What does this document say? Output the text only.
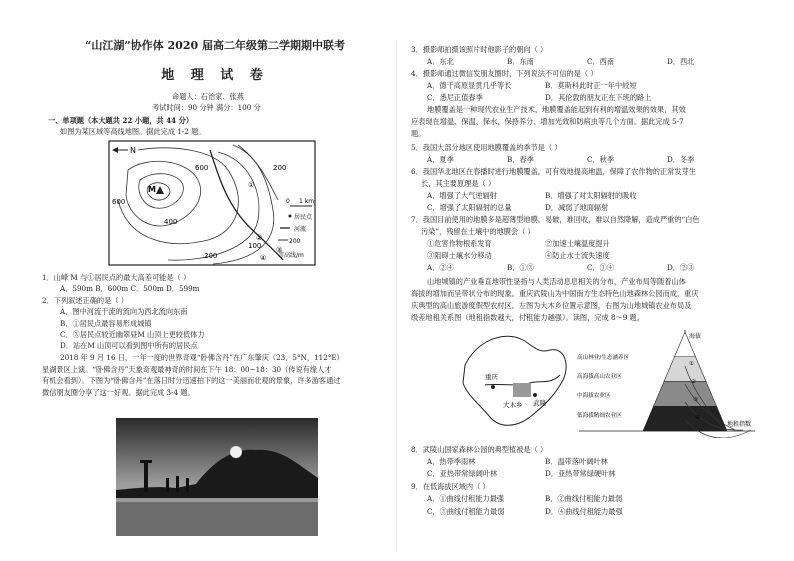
“山江湖”协作体 2020 届高二年级第二学期期中联考
地 理 试 卷
命题人：石治家、张燕
考试时间：90 分钟 满分：100 分
一、单项题（本大题共 22 小题，共 44 分）
如图为某区域等高线地图。据此完成 1-2 题。
N
600
600
400
200
200
100
M	①
②
③
④
0 1 km
居民点
河流
200
等高线/m
1．山峰 M 与①居民点的最大高差可能是（ ）
A．590m B．600m C．500m D．599m
2．下列叙述正确的是（ ）
A．图中河流干流的流向为西北流向东南
B．①居民点最容易形成城镇
C．③居民点较近幽翠昼M 山顶上更较低体力
D．站在M 山顶可以看到图中所有的居民点
2018 年 9 月 16 日，一年一度的世界奇观“卧佛含丹”在广东肇庆（23．5°N，112°E）
星湖景区上演。“卧佛含丹”天象奇观最神奇的时间在下午 18：00~18：30（传说有缘人才
有机会看到）。下图为“卧佛含丹”在落日时分迅速拍下的这一美丽而壮观的景象，许多游客通过
微信朋友圈分享了这一好观。据此完成 3-4 题。
3．摄影师拍摄该照片时他影子的朝向（ ）
A．东北	B．东南	C．西南	D．西北
4．摄影师通过微信发朋友圈时，下列说法不可信的是（ ）
A．德干高原显贯几乎等长	B．莫斯科此时正一年中较短
C．悉尼正值春季	D．其伦敦的朋友正在下班的路上
地膜覆盖是一种现代农业生产技术，地膜覆盖能起到有利的增温效果的效果，其效
应表现在增温、保温、保水、保持养分、增加光效和防病虫等几个方面。据此完成 5-7
题。
5．我国大部分地区使用地膜覆盖的季节是（ ）
A．夏季	B．春季	C．秋季	D．冬季
6．我国华北地区在春播时进行地膜覆盖，可有效地提高地温，保障了农作物的正常发芽生
长，其主要原理是（ ）
A．增强了大气逆辐射	B．增强了对太阳辐射的吸收
C．增强了太阳辐射的总量	D．减弱了地面辐射
7．我国目前使用的地膜多是超薄型地膜，易破，难回收，难以自然降解，造成严重的“白色
污染”，残留在土壤中的地膜会（ ）
①危害作物根系发育	②加速土壤温度提升
③阻碍土壤水分移动	④防止水土流失速度
A．②④	B．①③	C．①④	D．②③
山地城镇的产业垂直地带性显指与人类活动息息相关的分布，产业布局等随着山体
海拔的增加而呈带状分布的现象。重庆武陵山为中国南方生态特色山地森林公园而成，重庆
庆典型的高山旅游度假型农村区。左图为大木乡位置示意图，右图为山地城镇农业布局及
级差地租关系图（地租指数越大，付租能力越强）。读图，完成 8～9 题。
重庆
大木乡 武隆
海拔
地租指数
①
②
③
④
高山林业/生态涵养区
高海拔高山农业区
中海拔农业区
低海拔精细农业区
8．武陵山国家森林公园的典型植被是（ ）
A．热带季雨林	B．温带落叶阔叶林
C．亚热带常绿阔叶林	D．亚热带常绿硬叶林
9．在低海拔区域内（ ）
A．①曲线付租能力最强	B．②曲线付租能力最弱
C．③曲线付租能力最弱	D．④曲线付租能力最强
